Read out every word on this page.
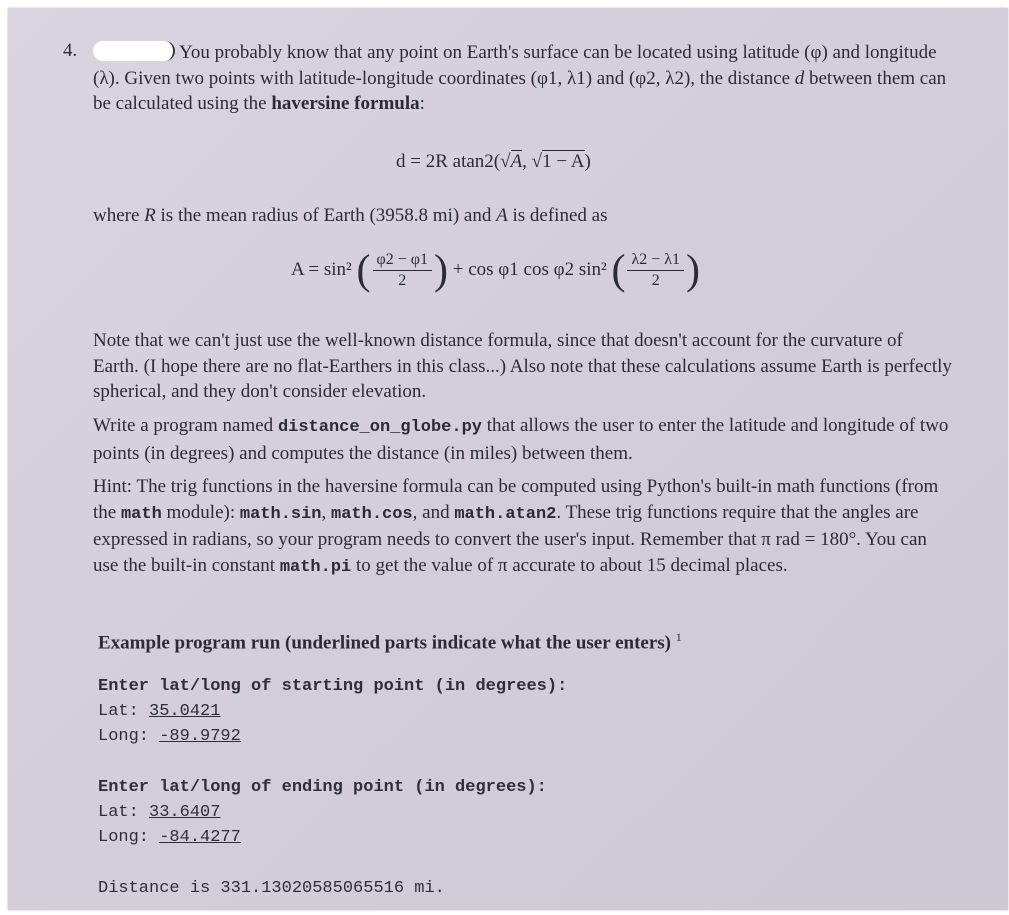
4.	You probably know that any point on Earth's surface can be located using latitude (φ) and longitude (λ). Given two points with latitude-longitude coordinates (φ1, λ1) and (φ2, λ2), the distance d between them can be calculated using the haversine formula:

d = 2R atan2(√A, √1 − A)

where R is the mean radius of Earth (3958.8 mi) and A is defined as

A = sin² ( $\frac{\varphi 2 - \varphi 1}{2}$ ) + cos φ1 cos φ2 sin² ( $\frac{\lambda 2 - \lambda 1}{2}$ )

Note that we can't just use the well-known distance formula, since that doesn't account for the curvature of Earth. (I hope there are no flat-Earthers in this class...) Also note that these calculations assume Earth is perfectly spherical, and they don't consider elevation.

Write a program named distance_on_globe.py that allows the user to enter the latitude and longitude of two points (in degrees) and computes the distance (in miles) between them.

Hint: The trig functions in the haversine formula can be computed using Python's built-in math functions (from the math module): math.sin, math.cos, and math.atan2. These trig functions require that the angles are expressed in radians, so your program needs to convert the user's input. Remember that π rad = 180°. You can use the built-in constant math.pi to get the value of π accurate to about 15 decimal places.

Example program run (underlined parts indicate what the user enters) $^1$
Enter lat/long of starting point (in degrees):
Lat: 35.0421
Long: -89.9792
Enter lat/long of ending point (in degrees):
Lat: 33.6407
Long: -84.4277
Distance is 331.13020585065516 mi.
